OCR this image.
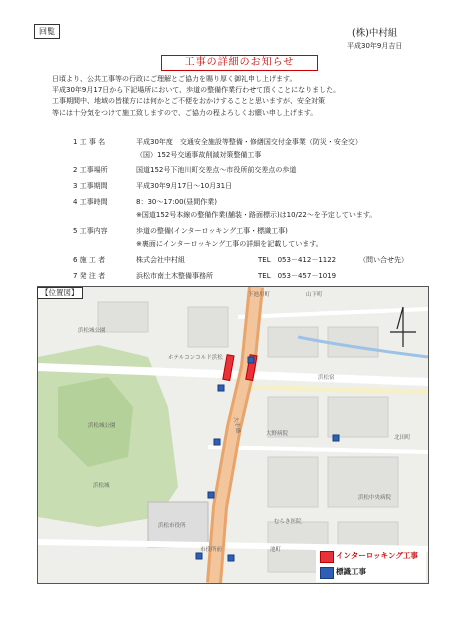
回覧	(株)中村組
平成30年9月吉日
工事の詳細のお知らせ

日頃より、公共工事等の行政にご理解とご協力を賜り厚く御礼申し上げます。

平成30年9月17日から下記場所において、歩道の整備作業行わせて頂くことになりました。

工事期間中、地域の皆様方には何かとご不便をおかけすることと思いますが、安全対策

等には十分気をつけて施工致しますので、ご協力の程よろしくお願い申し上げます。

1 工 事 名	平成30年度　交通安全施設等整備・修繕国交付金事業（防災・安全交）
（国）152号交通事故削減対策整備工事
2 工事場所	国道152号下池川町交差点〜市役所前交差点の歩道
3 工事期間	平成30年9月17日〜10月31日
4 工事時間	8：30〜17:00(昼間作業)
※国道152号本線の整備作業(舗装・路面標示)は10/22〜を予定しています。
5 工事内容	歩道の整備(インターロッキング工事・標識工事)
※裏面にインターロッキング工事の詳細を記載しています。
6 施 工 者	株式会社中村組	TEL　053－412－1122	（問い合せ先）
7 発 注 者	浜松市南土木整備事務所	TEL　053－457－1019
下池川町	山下町
浜松城公園
ホテルコンコルド浜松
浜松城公園
浜松城
浜松市役所
大野病院
北田町
浜松中央病院
市役所前	池町
浜松宿
むらき医院
大手通
【位置図】
インターロッキング工事
標識工事
